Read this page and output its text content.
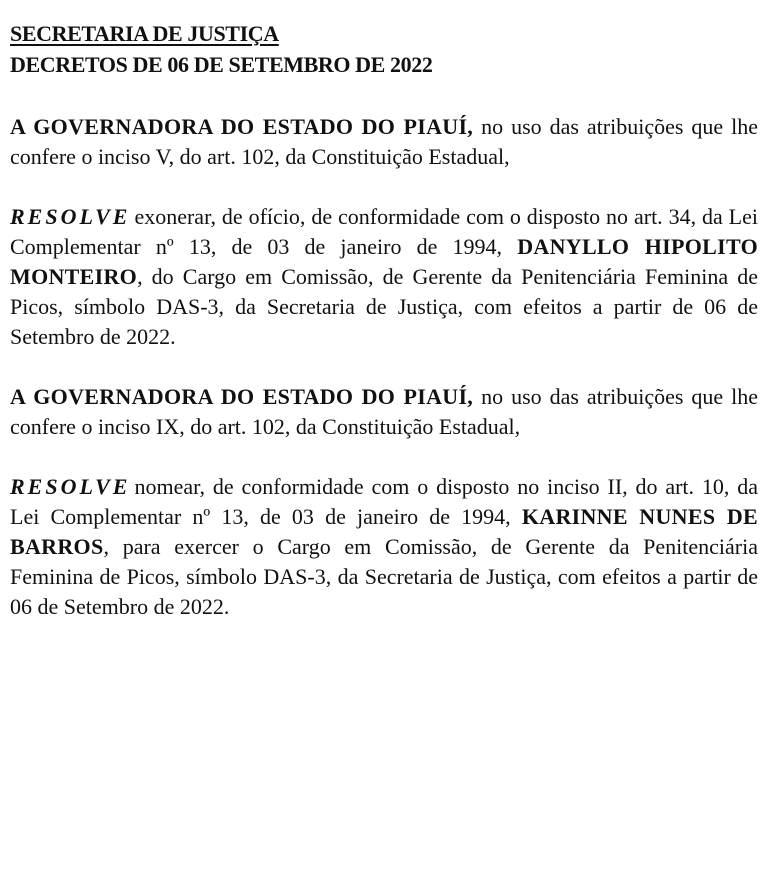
SECRETARIA DE JUSTIÇA

DECRETOS DE 06 DE SETEMBRO DE 2022

A GOVERNADORA DO ESTADO DO PIAUÍ, no uso das atribuições que lhe confere o inciso V, do art. 102, da Constituição Estadual,

RESOLVE exonerar, de ofício, de conformidade com o disposto no art. 34, da Lei Complementar nº 13, de 03 de janeiro de 1994, DANYLLO HIPOLITO MONTEIRO, do Cargo em Comissão, de Gerente da Penitenciária Feminina de Picos, símbolo DAS-3, da Secretaria de Justiça, com efeitos a partir de 06 de Setembro de 2022.

A GOVERNADORA DO ESTADO DO PIAUÍ, no uso das atribuições que lhe confere o inciso IX, do art. 102, da Constituição Estadual,

RESOLVE nomear, de conformidade com o disposto no inciso II, do art. 10, da Lei Complementar nº 13, de 03 de janeiro de 1994, KARINNE NUNES DE BARROS, para exercer o Cargo em Comissão, de Gerente da Penitenciária Feminina de Picos, símbolo DAS-3, da Secretaria de Justiça, com efeitos a partir de 06 de Setembro de 2022.
